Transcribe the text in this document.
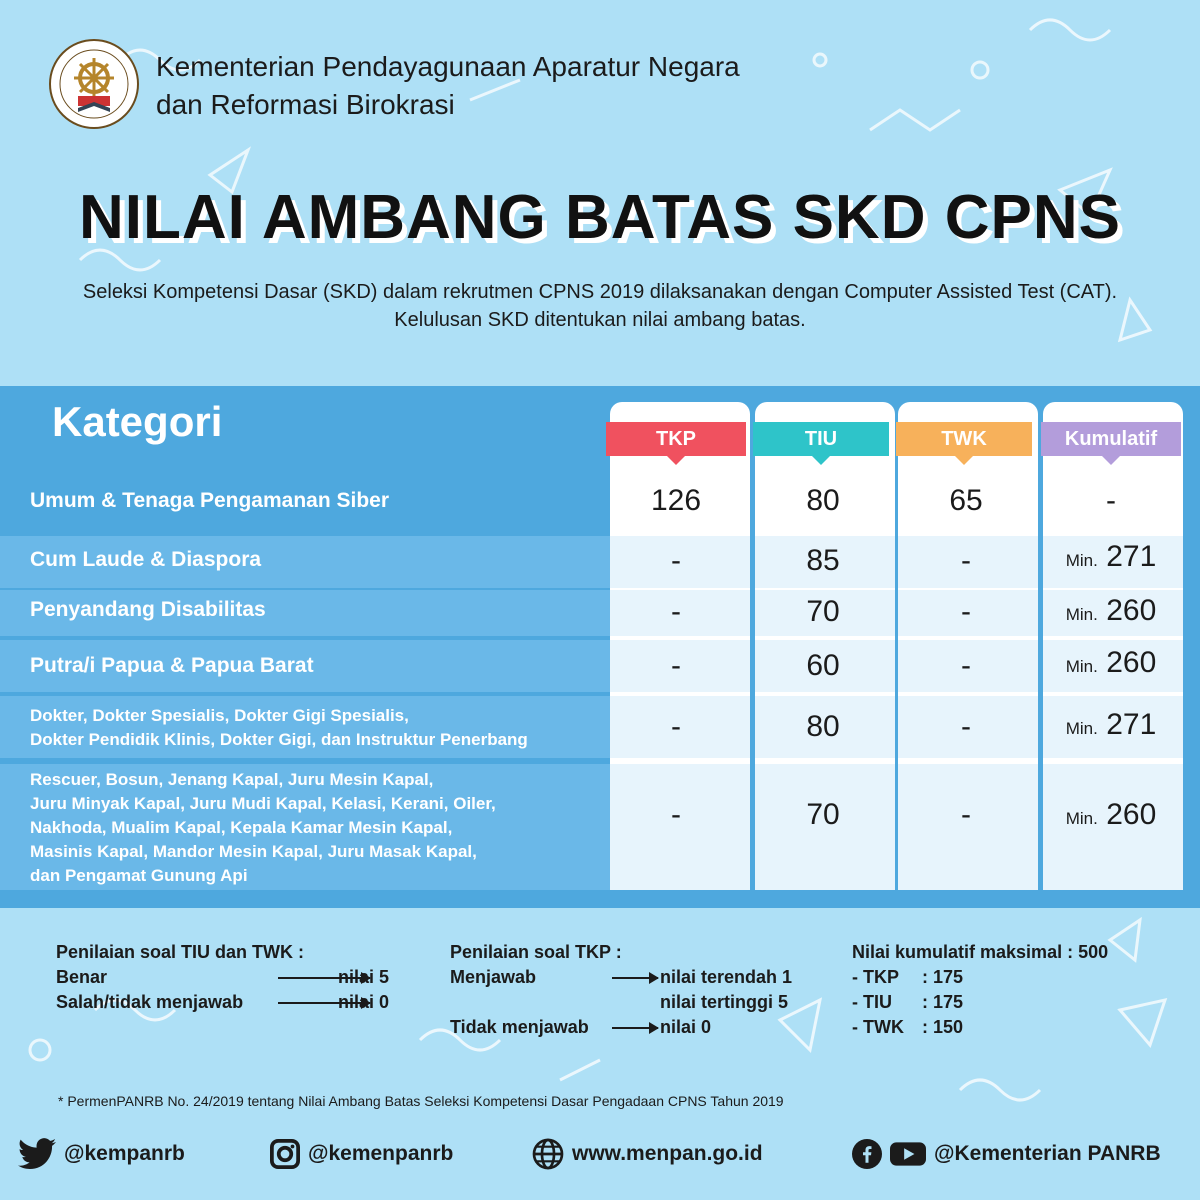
Kementerian Pendayagunaan Aparatur Negara
dan Reformasi Birokrasi
NILAI AMBANG BATAS SKD CPNS
Seleksi Kompetensi Dasar (SKD) dalam rekrutmen CPNS 2019 dilaksanakan dengan Computer Assisted Test (CAT).
Kelulusan SKD ditentukan nilai ambang batas.
Kategori	TKP	TIU	TWK	Kumulatif
Umum & Tenaga Pengamanan Siber	126	80	65	-
Cum Laude & Diaspora	-	85	-	Min. 271
Penyandang Disabilitas	-	70	-	Min. 260
Putra/i Papua & Papua Barat	-	60	-	Min. 260
Dokter, Dokter Spesialis, Dokter Gigi Spesialis,
Dokter Pendidik Klinis, Dokter Gigi, dan Instruktur Penerbang	-	80	-	Min. 271
Rescuer, Bosun, Jenang Kapal, Juru Mesin Kapal,
Juru Minyak Kapal, Juru Mudi Kapal, Kelasi, Kerani, Oiler,
Nakhoda, Mualim Kapal, Kepala Kamar Mesin Kapal,
Masinis Kapal, Mandor Mesin Kapal, Juru Masak Kapal,
dan Pengamat Gunung Api
-	70	-	Min. 260
Penilaian soal TIU dan TWK :
Benar	nilai 5
Salah/tidak menjawab	nilai 0
Penilaian soal TKP :
Menjawab	nilai terendah 1
nilai tertinggi 5
Tidak menjawab	nilai 0
Nilai kumulatif maksimal : 500
- TKP : 175
- TIU : 175
- TWK : 150
* PermenPANRB No. 24/2019 tentang Nilai Ambang Batas Seleksi Kompetensi Dasar Pengadaan CPNS Tahun 2019
@kempanrb	@kemenpanrb	www.menpan.go.id	@Kementerian PANRB
